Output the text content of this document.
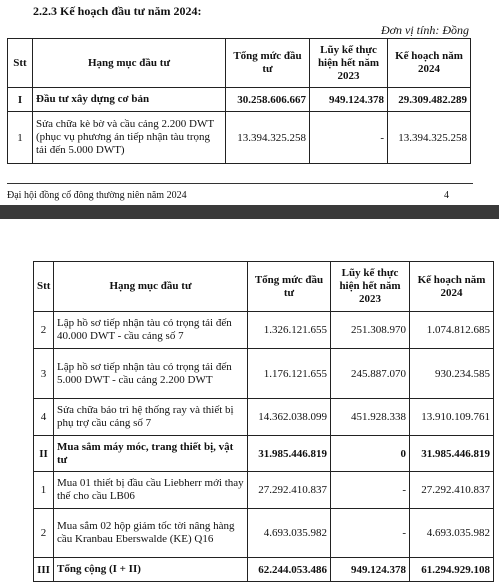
2.2.3 Kế hoạch đầu tư năm 2024:
Đơn vị tính: Đồng
Stt	Hạng mục đầu tư	Tổng mức đầu tư	Lũy kế thực hiện hết năm 2023	Kế hoạch năm 2024
I	Đầu tư xây dựng cơ bản	30.258.606.667	949.124.378	29.309.482.289
1	Sửa chữa kè bờ và cầu cảng 2.200 DWT (phục vụ phương án tiếp nhận tàu trọng tải đến 5.000 DWT)	13.394.325.258	-	13.394.325.258
Đại hội đồng cổ đông thường niên năm 2024	4
Stt	Hạng mục đầu tư	Tổng mức đầu tư	Lũy kế thực hiện hết năm 2023	Kế hoạch năm 2024
2	Lập hồ sơ tiếp nhận tàu có trọng tải đến 40.000 DWT - cầu cảng số 7	1.326.121.655	251.308.970	1.074.812.685
3	Lập hồ sơ tiếp nhận tàu có trọng tải đến 5.000 DWT - cầu cảng 2.200 DWT	1.176.121.655	245.887.070	930.234.585
4	Sửa chữa bảo trì hệ thống ray và thiết bị phụ trợ cầu cảng số 7	14.362.038.099	451.928.338	13.910.109.761
II	Mua sắm máy móc, trang thiết bị, vật tư	31.985.446.819	0	31.985.446.819
1	Mua 01 thiết bị đầu cầu Liebherr mới thay thế cho cầu LB06	27.292.410.837	-	27.292.410.837
2	Mua sắm 02 hộp giảm tốc tời nâng hàng cầu Kranbau Eberswalde (KE) Q16	4.693.035.982	-	4.693.035.982
III	Tổng cộng (I + II)	62.244.053.486	949.124.378	61.294.929.108
